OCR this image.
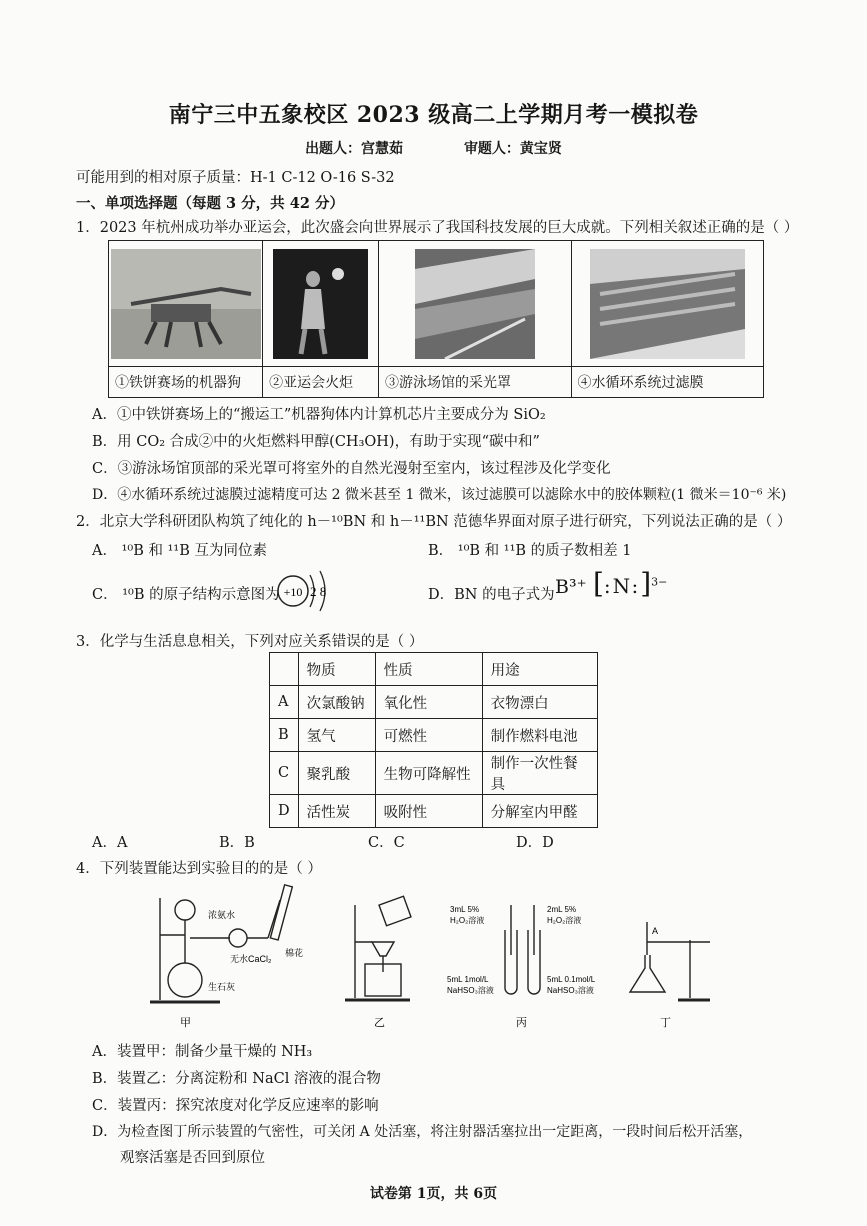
南宁三中五象校区 2023 级高二上学期月考一模拟卷
出题人：宫慧茹	审题人：黄宝贤
可能用到的相对原子质量：H-1 C-12 O-16 S-32
一、单项选择题（每题 3 分，共 42 分）
1．2023 年杭州成功举办亚运会，此次盛会向世界展示了我国科技发展的巨大成就。下列相关叙述正确的是（ ）
①铁饼赛场的机器狗	②亚运会火炬	③游泳场馆的采光罩	④水循环系统过滤膜
A．①中铁饼赛场上的“搬运工”机器狗体内计算机芯片主要成分为 SiO₂
B．用 CO₂ 合成②中的火炬燃料甲醇(CH₃OH)，有助于实现“碳中和”
C．③游泳场馆顶部的采光罩可将室外的自然光漫射至室内，该过程涉及化学变化
D．④水循环系统过滤膜过滤精度可达 2 微米甚至 1 微米，该过滤膜可以滤除水中的胶体颗粒(1 微米＝10⁻⁶ 米)
2．北京大学科研团队构筑了纯化的 h－¹⁰BN 和 h－¹¹BN 范德华界面对原子进行研究，下列说法正确的是（ ）
A． ¹⁰B 和 ¹¹B 互为同位素	B． ¹⁰B 和 ¹¹B 的质子数相差 1
C． ¹⁰B 的原子结构示意图为 +10 2 8	D．BN 的电子式为 B³⁺ [:N:]$^{3-}$
3．化学与生活息息相关，下列对应关系错误的是（ ）
	物质	性质	用途
A	次氯酸钠	氧化性	衣物漂白
B	氢气	可燃性	制作燃料电池
C	聚乳酸	生物可降解性	制作一次性餐具
D	活性炭	吸附性	分解室内甲醛
A．A	B．B	C．C	D．D
4．下列装置能达到实验目的的是（ ）
浓氨水
棉花
无水CaCl₂
生石灰
甲	乙
3mL 5%
H₂O₂溶液
2mL 5%
H₂O₂溶液
5mL 1mol/L
NaHSO₃溶液
5mL 0.1mol/L
NaHSO₃溶液
丙
A
丁
A．装置甲：制备少量干燥的 NH₃
B．装置乙：分离淀粉和 NaCl 溶液的混合物
C．装置丙：探究浓度对化学反应速率的影响
D．为检查图丁所示装置的气密性，可关闭 A 处活塞，将注射器活塞拉出一定距离，一段时间后松开活塞，
观察活塞是否回到原位
试卷第 1页，共 6页
